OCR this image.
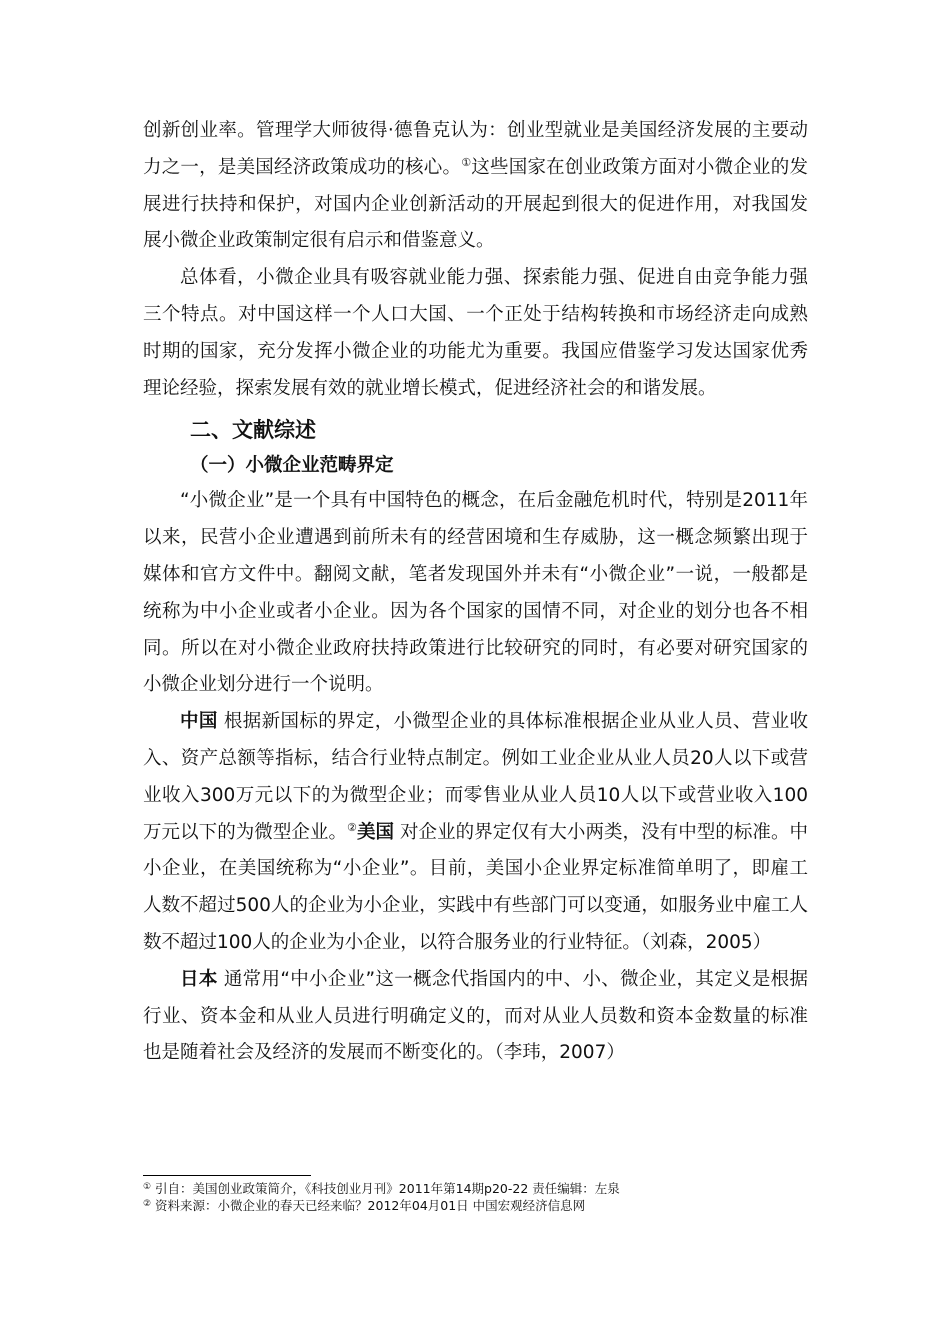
创新创业率。管理学大师彼得·德鲁克认为：创业型就业是美国经济发展的主要动力之一，是美国经济政策成功的核心。①这些国家在创业政策方面对小微企业的发展进行扶持和保护，对国内企业创新活动的开展起到很大的促进作用，对我国发展小微企业政策制定很有启示和借鉴意义。

总体看，小微企业具有吸容就业能力强、探索能力强、促进自由竞争能力强三个特点。对中国这样一个人口大国、一个正处于结构转换和市场经济走向成熟时期的国家，充分发挥小微企业的功能尤为重要。我国应借鉴学习发达国家优秀理论经验，探索发展有效的就业增长模式，促进经济社会的和谐发展。

二、文献综述
（一）小微企业范畴界定

“小微企业”是一个具有中国特色的概念，在后金融危机时代，特别是2011年以来，民营小企业遭遇到前所未有的经营困境和生存威胁，这一概念频繁出现于媒体和官方文件中。翻阅文献，笔者发现国外并未有“小微企业”一说，一般都是统称为中小企业或者小企业。因为各个国家的国情不同，对企业的划分也各不相同。所以在对小微企业政府扶持政策进行比较研究的同时，有必要对研究国家的小微企业划分进行一个说明。

中国 根据新国标的界定，小微型企业的具体标准根据企业从业人员、营业收入、资产总额等指标，结合行业特点制定。例如工业企业从业人员20人以下或营业收入300万元以下的为微型企业；而零售业从业人员10人以下或营业收入100万元以下的为微型企业。②美国 对企业的界定仅有大小两类，没有中型的标准。中小企业，在美国统称为“小企业”。目前，美国小企业界定标准简单明了，即雇工人数不超过500人的企业为小企业，实践中有些部门可以变通，如服务业中雇工人数不超过100人的企业为小企业，以符合服务业的行业特征。（刘森，2005）

日本 通常用“中小企业”这一概念代指国内的中、小、微企业，其定义是根据行业、资本金和从业人员进行明确定义的，而对从业人员数和资本金数量的标准也是随着社会及经济的发展而不断变化的。（李玮，2007）

① 引自：美国创业政策简介，《科技创业月刊》2011年第14期p20-22 责任编辑：左泉
② 资料来源：小微企业的春天已经来临？2012年04月01日 中国宏观经济信息网
